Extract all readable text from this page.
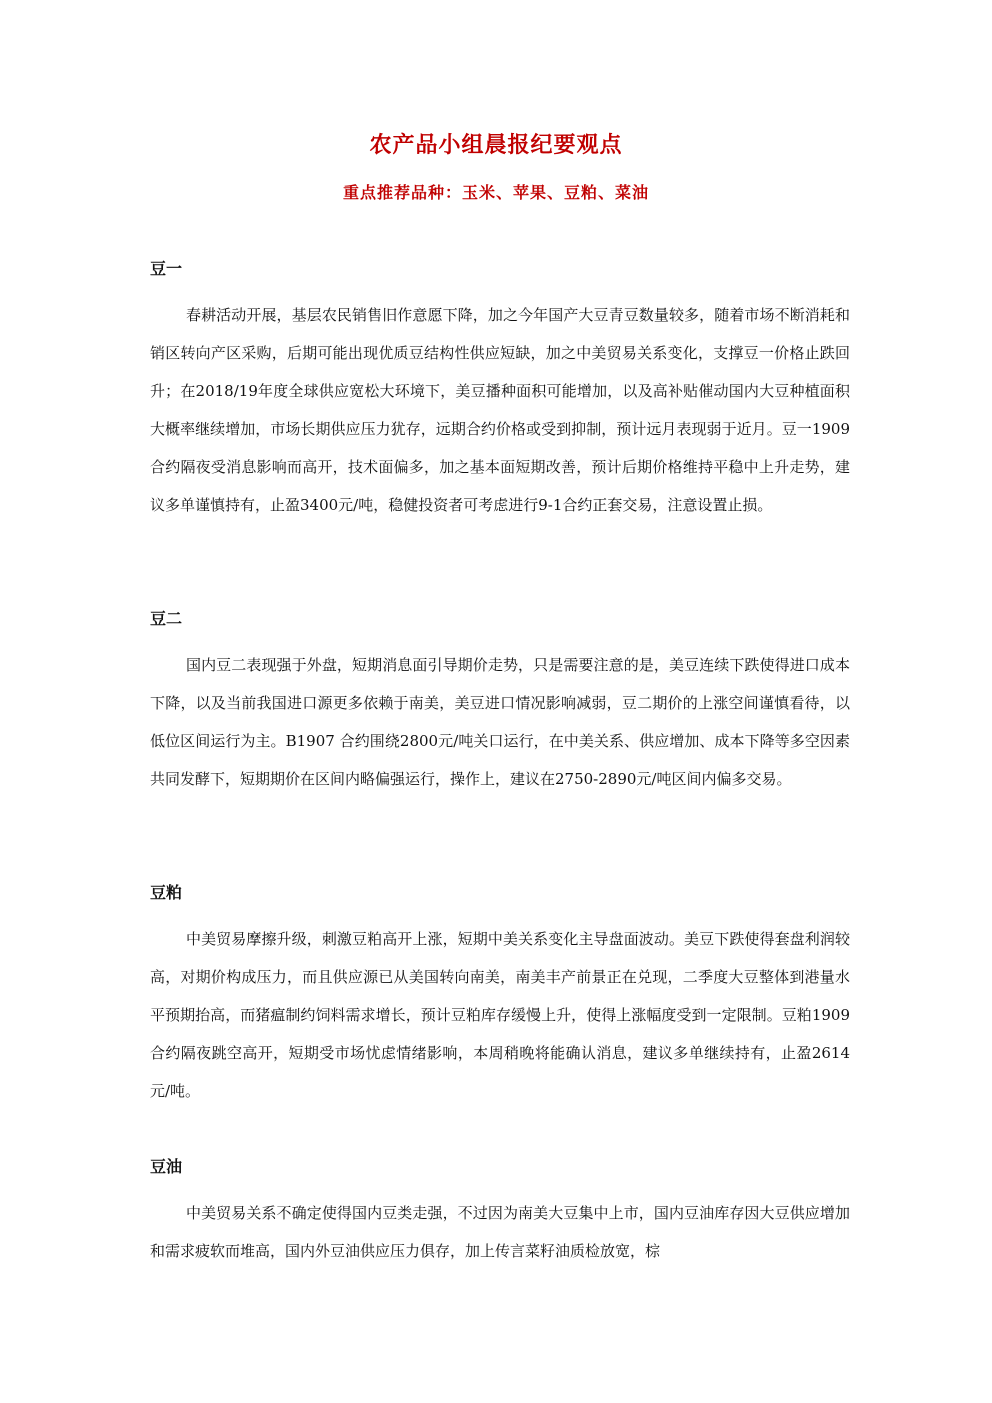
农产品小组晨报纪要观点
重点推荐品种：玉米、苹果、豆粕、菜油
豆一

春耕活动开展，基层农民销售旧作意愿下降，加之今年国产大豆青豆数量较多，随着市场不断消耗和销区转向产区采购，后期可能出现优质豆结构性供应短缺，加之中美贸易关系变化，支撑豆一价格止跌回升；在2018/19年度全球供应宽松大环境下，美豆播种面积可能增加，以及高补贴催动国内大豆种植面积大概率继续增加，市场长期供应压力犹存，远期合约价格或受到抑制，预计远月表现弱于近月。豆一1909合约隔夜受消息影响而高开，技术面偏多，加之基本面短期改善，预计后期价格维持平稳中上升走势，建议多单谨慎持有，止盈3400元/吨，稳健投资者可考虑进行9-1合约正套交易，注意设置止损。

豆二

国内豆二表现强于外盘，短期消息面引导期价走势，只是需要注意的是，美豆连续下跌使得进口成本下降，以及当前我国进口源更多依赖于南美，美豆进口情况影响减弱，豆二期价的上涨空间谨慎看待，以低位区间运行为主。B1907 合约围绕2800元/吨关口运行，在中美关系、供应增加、成本下降等多空因素共同发酵下，短期期价在区间内略偏强运行，操作上，建议在2750-2890元/吨区间内偏多交易。

豆粕

中美贸易摩擦升级，刺激豆粕高开上涨，短期中美关系变化主导盘面波动。美豆下跌使得套盘利润较高，对期价构成压力，而且供应源已从美国转向南美，南美丰产前景正在兑现，二季度大豆整体到港量水平预期抬高，而猪瘟制约饲料需求增长，预计豆粕库存缓慢上升，使得上涨幅度受到一定限制。豆粕1909合约隔夜跳空高开，短期受市场忧虑情绪影响，本周稍晚将能确认消息，建议多单继续持有，止盈2614元/吨。

豆油

中美贸易关系不确定使得国内豆类走强，不过因为南美大豆集中上市，国内豆油库存因大豆供应增加和需求疲软而堆高，国内外豆油供应压力俱存，加上传言菜籽油质检放宽，棕
